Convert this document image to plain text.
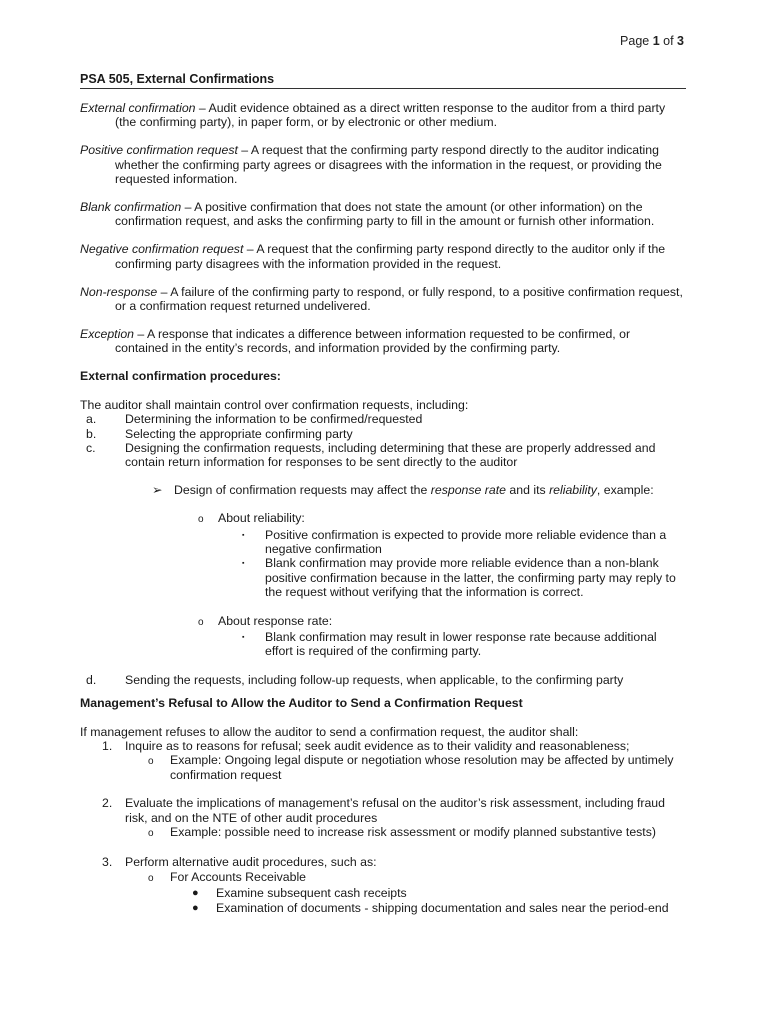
Page 1 of 3
PSA 505, External Confirmations

External confirmation – Audit evidence obtained as a direct written response to the auditor from a third party (the confirming party), in paper form, or by electronic or other medium.

Positive confirmation request – A request that the confirming party respond directly to the auditor indicating whether the confirming party agrees or disagrees with the information in the request, or providing the requested information.

Blank confirmation – A positive confirmation that does not state the amount (or other information) on the confirmation request, and asks the confirming party to fill in the amount or furnish other information.

Negative confirmation request – A request that the confirming party respond directly to the auditor only if the confirming party disagrees with the information provided in the request.

Non-response – A failure of the confirming party to respond, or fully respond, to a positive confirmation request, or a confirmation request returned undelivered.

Exception – A response that indicates a difference between information requested to be confirmed, or contained in the entity’s records, and information provided by the confirming party.

External confirmation procedures:

The auditor shall maintain control over confirmation requests, including:

a.	Determining the information to be confirmed/requested
b.	Selecting the appropriate confirming party
c.	Designing the confirmation requests, including determining that these are properly addressed and contain return information for responses to be sent directly to the auditor
➢ Design of confirmation requests may affect the response rate and its reliability, example:
o	About reliability:
▪	Positive confirmation is expected to provide more reliable evidence than a negative confirmation
▪	Blank confirmation may provide more reliable evidence than a non-blank positive confirmation because in the latter, the confirming party may reply to the request without verifying that the information is correct.
o	About response rate:
▪	Blank confirmation may result in lower response rate because additional effort is required of the confirming party.
d.	Sending the requests, including follow-up requests, when applicable, to the confirming party

Management’s Refusal to Allow the Auditor to Send a Confirmation Request

If management refuses to allow the auditor to send a confirmation request, the auditor shall:

1.	Inquire as to reasons for refusal; seek audit evidence as to their validity and reasonableness;
o	Example: Ongoing legal dispute or negotiation whose resolution may be affected by untimely confirmation request
2.	Evaluate the implications of management’s refusal on the auditor’s risk assessment, including fraud risk, and on the NTE of other audit procedures
o	Example: possible need to increase risk assessment or modify planned substantive tests)
3.	Perform alternative audit procedures, such as:
o	For Accounts Receivable
●	Examine subsequent cash receipts
●	Examination of documents - shipping documentation and sales near the period-end
